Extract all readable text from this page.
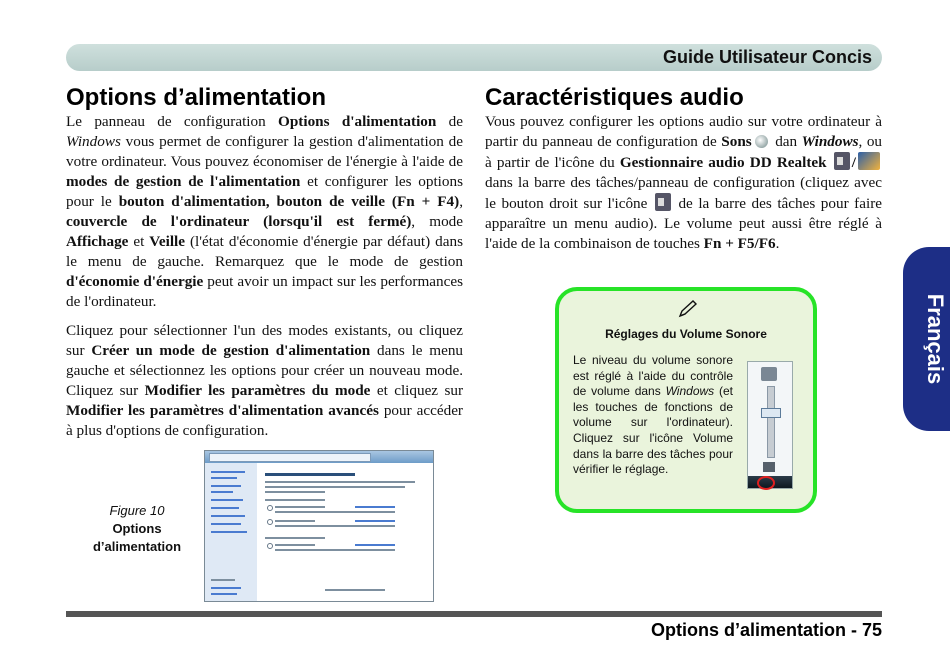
Guide Utilisateur Concis
Français
Options d’alimentation

Le panneau de configuration Options d'alimentation de Windows vous permet de configurer la gestion d'alimentation de votre ordinateur. Vous pouvez économiser de l'énergie à l'aide de modes de gestion de l'alimentation et configurer les options pour le bouton d'alimentation, bouton de veille (Fn + F4), couvercle de l'ordinateur (lorsqu'il est fermé), mode Affichage et Veille (l'état d'économie d'énergie par défaut) dans le menu de gauche. Remarquez que le mode de gestion d'économie d'énergie peut avoir un impact sur les performances de l'ordinateur.

Cliquez pour sélectionner l'un des modes existants, ou cliquez sur Créer un mode de gestion d'alimentation dans le menu gauche et sélectionnez les options pour créer un nouveau mode. Cliquez sur Modifier les paramètres du mode et cliquez sur Modifier les paramètres d'alimentation avancés pour accéder à plus d'options de configuration.

Figure 10
Options d’alimentation
Caractéristiques audio

Vous pouvez configurer les options audio sur votre ordinateur à partir du panneau de configuration de Sons dan Windows, ou à partir de l'icône du Gestionnaire audio DD Realtek / dans la barre des tâches/panneau de configuration (cliquez avec le bouton droit sur l'icône  de la barre des tâches pour faire apparaître un menu audio). Le volume peut aussi être réglé à l'aide de la combinaison de touches Fn + F5/F6.

Réglages du Volume Sonore
Le niveau du volume sonore est réglé à l'aide du contrôle de volume dans Windows (et les touches de fonctions de volume sur l'ordinateur). Cliquez sur l'icône Volume dans la barre des tâches pour vérifier le réglage.
Options d’alimentation - 75
